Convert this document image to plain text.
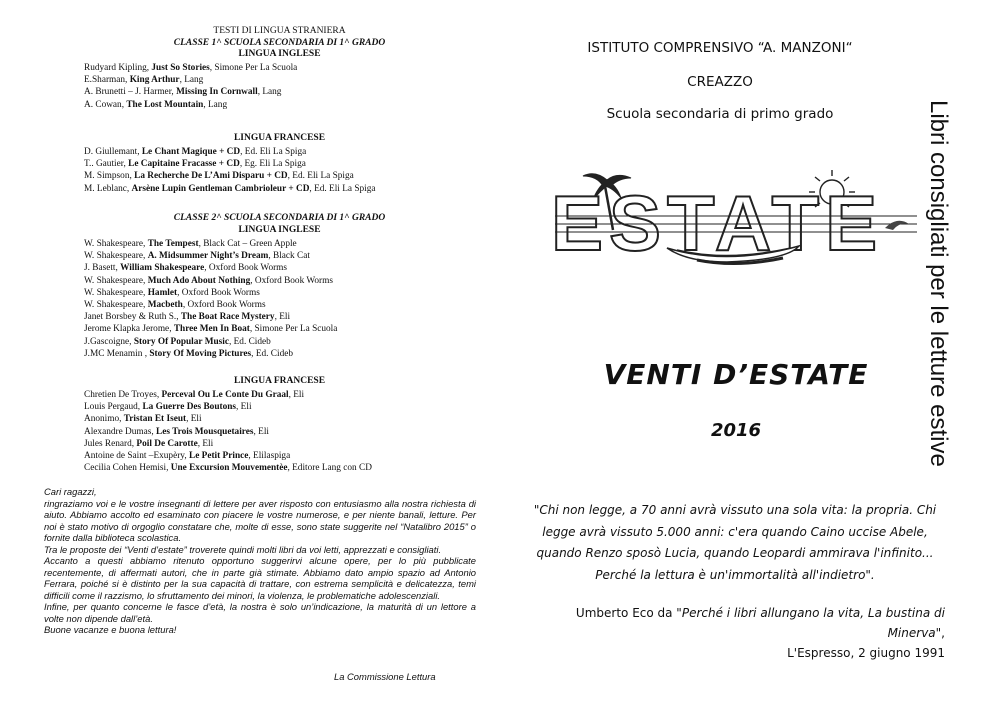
TESTI DI LINGUA STRANIERA
CLASSE 1^ SCUOLA SECONDARIA DI 1^ GRADO
LINGUA INGLESE
Rudyard Kipling, Just So Stories, Simone Per La Scuola
E.Sharman, King Arthur, Lang
A. Brunetti – J. Harmer, Missing In Cornwall, Lang
A. Cowan, The Lost Mountain, Lang
LINGUA FRANCESE
D. Giullemant, Le Chant Magique + CD, Ed. Eli La Spiga
T.. Gautier, Le Capitaine Fracasse + CD, Eg. Eli La Spiga
M. Simpson, La Recherche De L’Ami Disparu + CD, Ed. Eli La Spiga
M. Leblanc, Arsène Lupin Gentleman Cambrioleur + CD, Ed. Eli La Spiga
CLASSE 2^ SCUOLA SECONDARIA DI 1^ GRADO
LINGUA INGLESE
W. Shakespeare, The Tempest, Black Cat – Green Apple
W. Shakespeare, A. Midsummer Night’s Dream, Black Cat
J. Basett, William Shakespeare, Oxford Book Worms
W. Shakespeare, Much Ado About Nothing, Oxford Book Worms
W. Shakespeare, Hamlet, Oxford Book Worms
W. Shakespeare, Macbeth, Oxford Book Worms
Janet Borsbey & Ruth S., The Boat Race Mystery, Eli
Jerome Klapka Jerome, Three Men In Boat, Simone Per La Scuola
J.Gascoigne, Story Of Popular Music, Ed. Cideb
J.MC Menamin , Story Of Moving Pictures, Ed. Cideb
LINGUA FRANCESE
Chretien De Troyes, Perceval Ou Le Conte Du Graal, Eli
Louis Pergaud, La Guerre Des Boutons, Eli
Anonimo, Tristan Et Iseut, Eli
Alexandre Dumas, Les Trois Mousquetaires, Eli
Jules Renard, Poil De Carotte, Eli
Antoine de Saint –Exupèry, Le Petit Prince, Elilaspiga
Cecilia Cohen Hemisi, Une Excursion Mouvementèe, Editore Lang con CD

Cari ragazzi,

ringraziamo voi e le vostre insegnanti di lettere per aver risposto con entusiasmo alla nostra richiesta di aiuto. Abbiamo accolto ed esaminato con piacere le vostre numerose, e per niente banali, letture. Per noi è stato motivo di orgoglio constatare che, molte di esse, sono state suggerite nel “Natalibro 2015” o fornite dalla biblioteca scolastica.

Tra le proposte dei “Venti d’estate” troverete quindi molti libri da voi letti, apprezzati e consigliati.

Accanto a questi abbiamo ritenuto opportuno suggerirvi alcune opere, per lo più pubblicate recentemente, di affermati autori, che in parte già stimate. Abbiamo dato ampio spazio ad Antonio Ferrara, poiché si è distinto per la sua capacità di trattare, con estrema semplicità e delicatezza, temi difficili come il razzismo, lo sfruttamento dei minori, la violenza, le problematiche adolescenziali.

Infine, per quanto concerne le fasce d’età, la nostra è solo un’indicazione, la maturità di un lettore a volte non dipende dall’età.

Buone vacanze e buona lettura!

La Commissione Lettura
ISTITUTO COMPRENSIVO “A. MANZONI“
CREAZZO
Scuola secondaria di primo grado
ESTATE
VENTI D’ESTATE
2016
"Chi non legge, a 70 anni avrà vissuto una sola vita: la propria. Chi legge avrà vissuto 5.000 anni: c'era quando Caino uccise Abele, quando Renzo sposò Lucia, quando Leopardi ammirava l'infinito... Perché la lettura è un'immortalità all'indietro".
Umberto Eco da "Perché i libri allungano la vita, La bustina di Minerva",
L'Espresso, 2 giugno 1991
Libri consigliati per le letture estive
